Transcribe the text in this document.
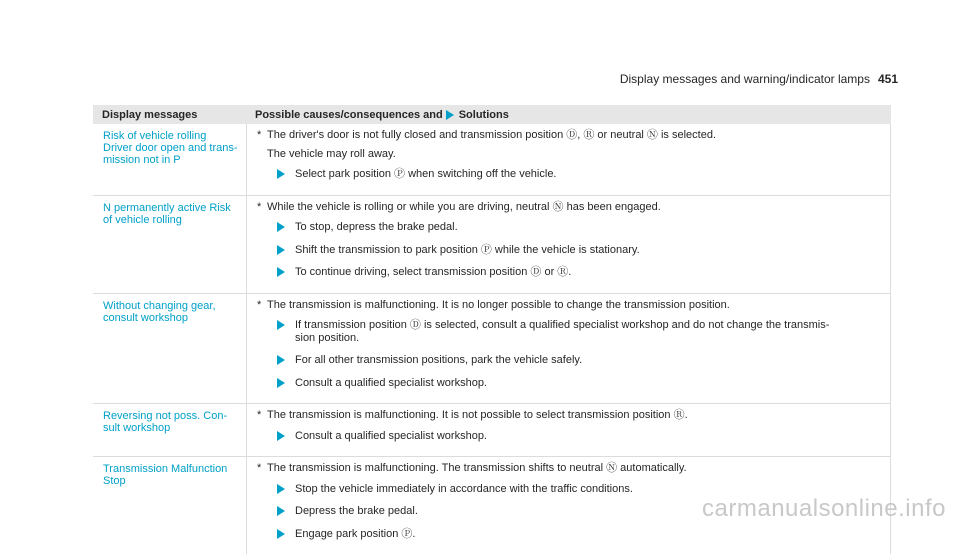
Display messages and warning/indicator lamps 451
Display messages	Possible causes/consequences and Solutions
Risk of vehicle rolling
Driver door open and trans-
mission not in P
* The driver's door is not fully closed and transmission position Ⓓ, Ⓡ or neutral Ⓝ is selected.
The vehicle may roll away.
Select park position Ⓟ when switching off the vehicle.
N permanently active Risk
of vehicle rolling
* While the vehicle is rolling or while you are driving, neutral Ⓝ has been engaged.
To stop, depress the brake pedal.
Shift the transmission to park position Ⓟ while the vehicle is stationary.
To continue driving, select transmission position Ⓓ or Ⓡ.
Without changing gear,
consult workshop
* The transmission is malfunctioning. It is no longer possible to change the transmission position.
If transmission position Ⓓ is selected, consult a qualified specialist workshop and do not change the transmis-
sion position.
For all other transmission positions, park the vehicle safely.
Consult a qualified specialist workshop.
Reversing not poss. Con-
sult workshop
* The transmission is malfunctioning. It is not possible to select transmission position Ⓡ.
Consult a qualified specialist workshop.
Transmission Malfunction
Stop
* The transmission is malfunctioning. The transmission shifts to neutral Ⓝ automatically.
Stop the vehicle immediately in accordance with the traffic conditions.
Depress the brake pedal.
Engage park position Ⓟ.
carmanualsonline.info
